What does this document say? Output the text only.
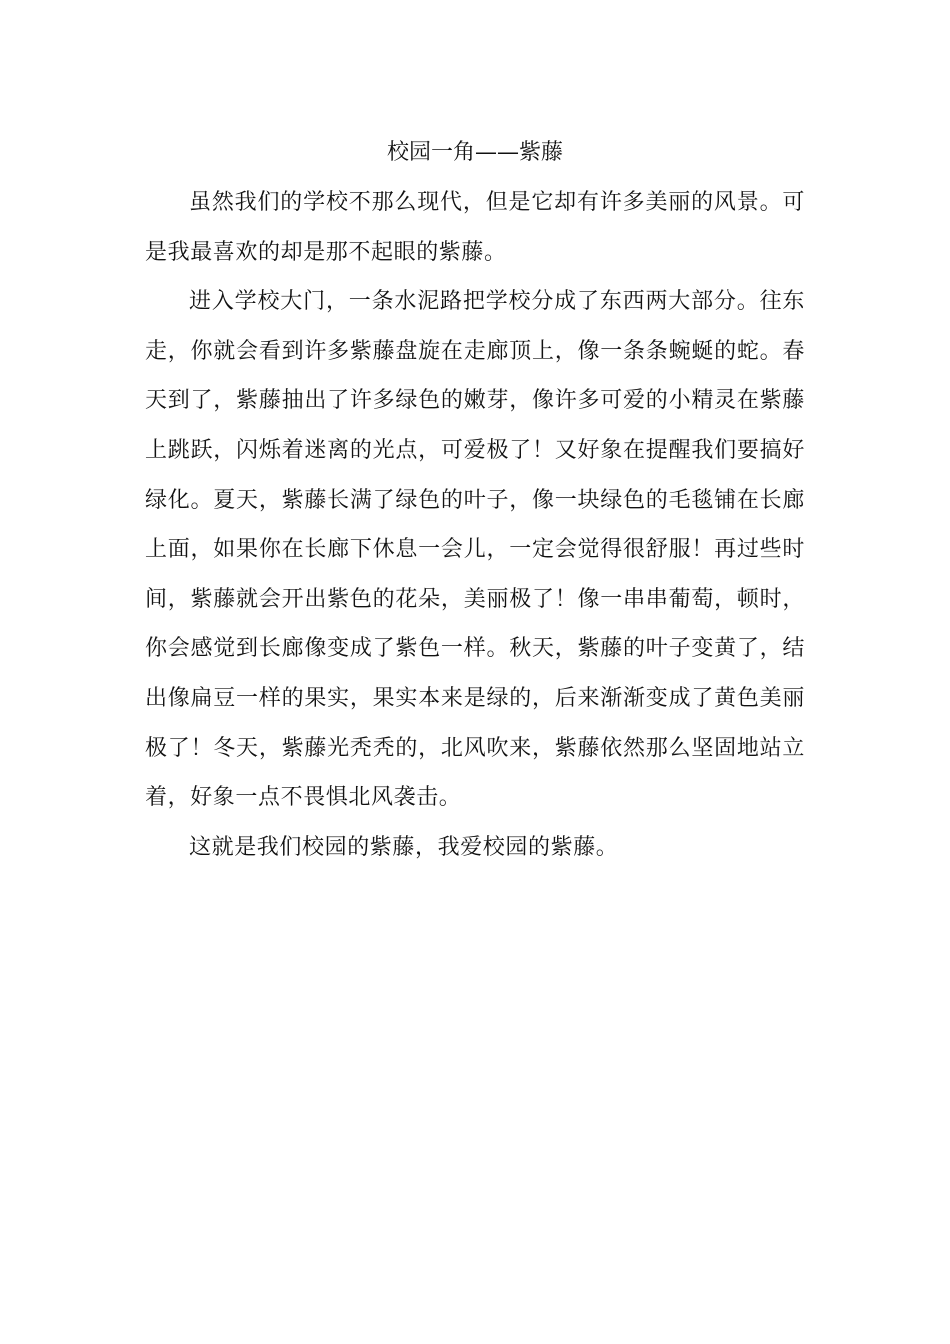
校园一角——紫藤

虽然我们的学校不那么现代，但是它却有许多美丽的风景。可是我最喜欢的却是那不起眼的紫藤。

进入学校大门，一条水泥路把学校分成了东西两大部分。往东走，你就会看到许多紫藤盘旋在走廊顶上，像一条条蜿蜒的蛇。春天到了，紫藤抽出了许多绿色的嫩芽，像许多可爱的小精灵在紫藤上跳跃，闪烁着迷离的光点，可爱极了！又好象在提醒我们要搞好绿化。夏天，紫藤长满了绿色的叶子，像一块绿色的毛毯铺在长廊上面，如果你在长廊下休息一会儿，一定会觉得很舒服！再过些时间，紫藤就会开出紫色的花朵，美丽极了！像一串串葡萄，顿时，你会感觉到长廊像变成了紫色一样。秋天，紫藤的叶子变黄了，结出像扁豆一样的果实，果实本来是绿的，后来渐渐变成了黄色美丽极了！冬天，紫藤光秃秃的，北风吹来，紫藤依然那么坚固地站立着，好象一点不畏惧北风袭击。

这就是我们校园的紫藤，我爱校园的紫藤。
